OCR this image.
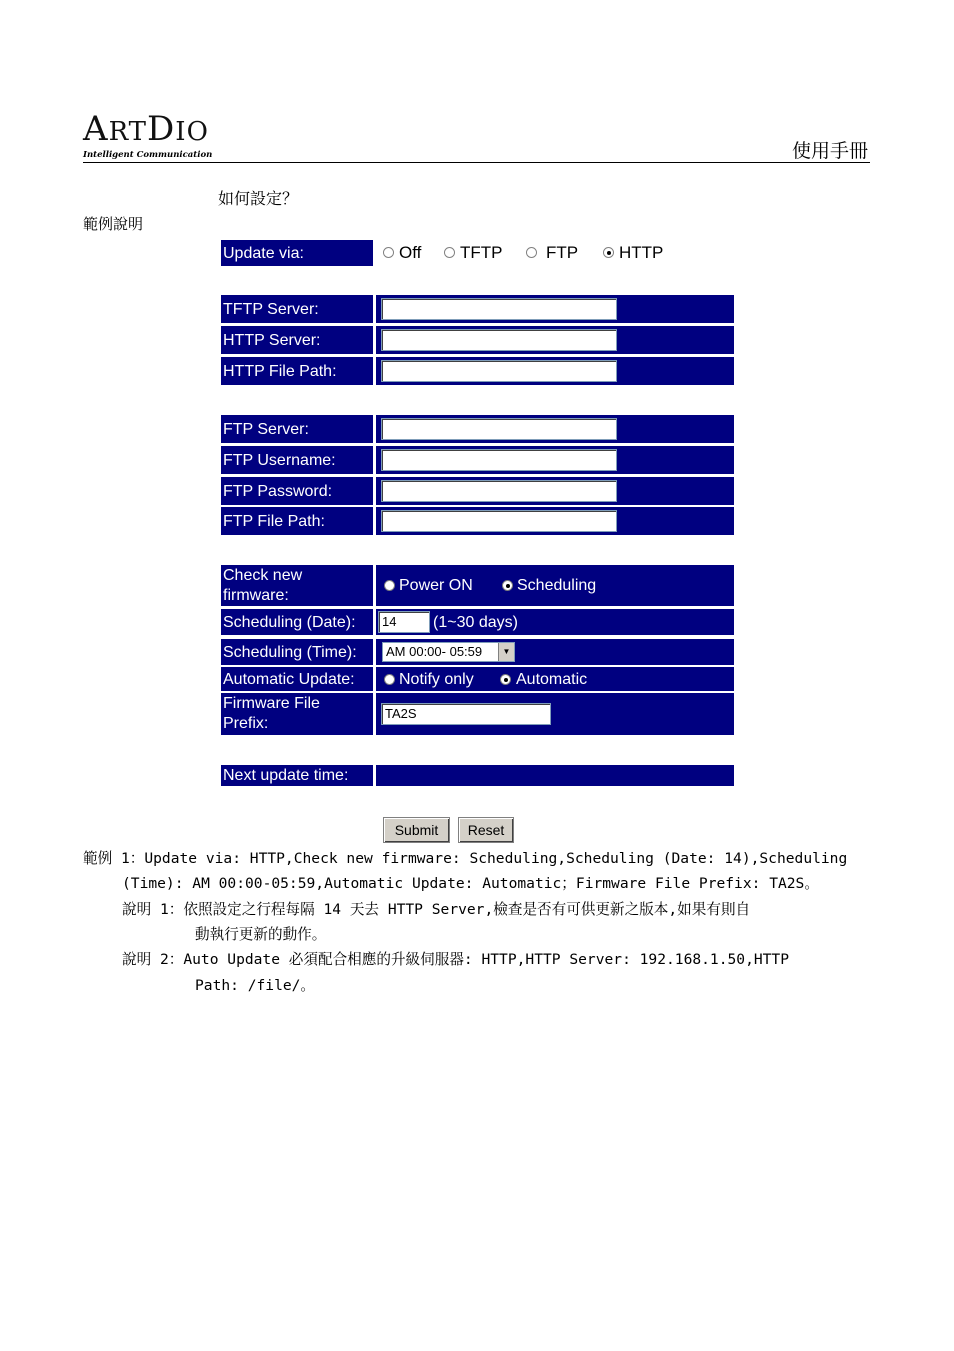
ARTDIO
Intelligent Communication	使用手冊
如何設定？
範例說明
Update via:	Off TFTP	FTP HTTP
TFTP Server:
HTTP Server:
HTTP File Path:
FTP Server:
FTP Username:
FTP Password:
FTP File Path:
Check new
firmware:
Power ON	Scheduling
Scheduling (Date):	14	(1~30 days)
Scheduling (Time):	AM 00:00- 05:59	▼
Automatic Update:	Notify only	Automatic
Firmware File
Prefix:
TA2S
Next update time:
Submit	Reset
範例 1：Update via: HTTP,Check new firmware: Scheduling,Scheduling (Date: 14),Scheduling
(Time): AM 00:00-05:59,Automatic Update: Automatic；Firmware File Prefix: TA2S。
說明 1：依照設定之行程每隔 14 天去 HTTP Server,檢查是否有可供更新之版本,如果有則自
動執行更新的動作。
說明 2：Auto Update 必須配合相應的升級伺服器: HTTP,HTTP Server: 192.168.1.50,HTTP
Path: /file/。
